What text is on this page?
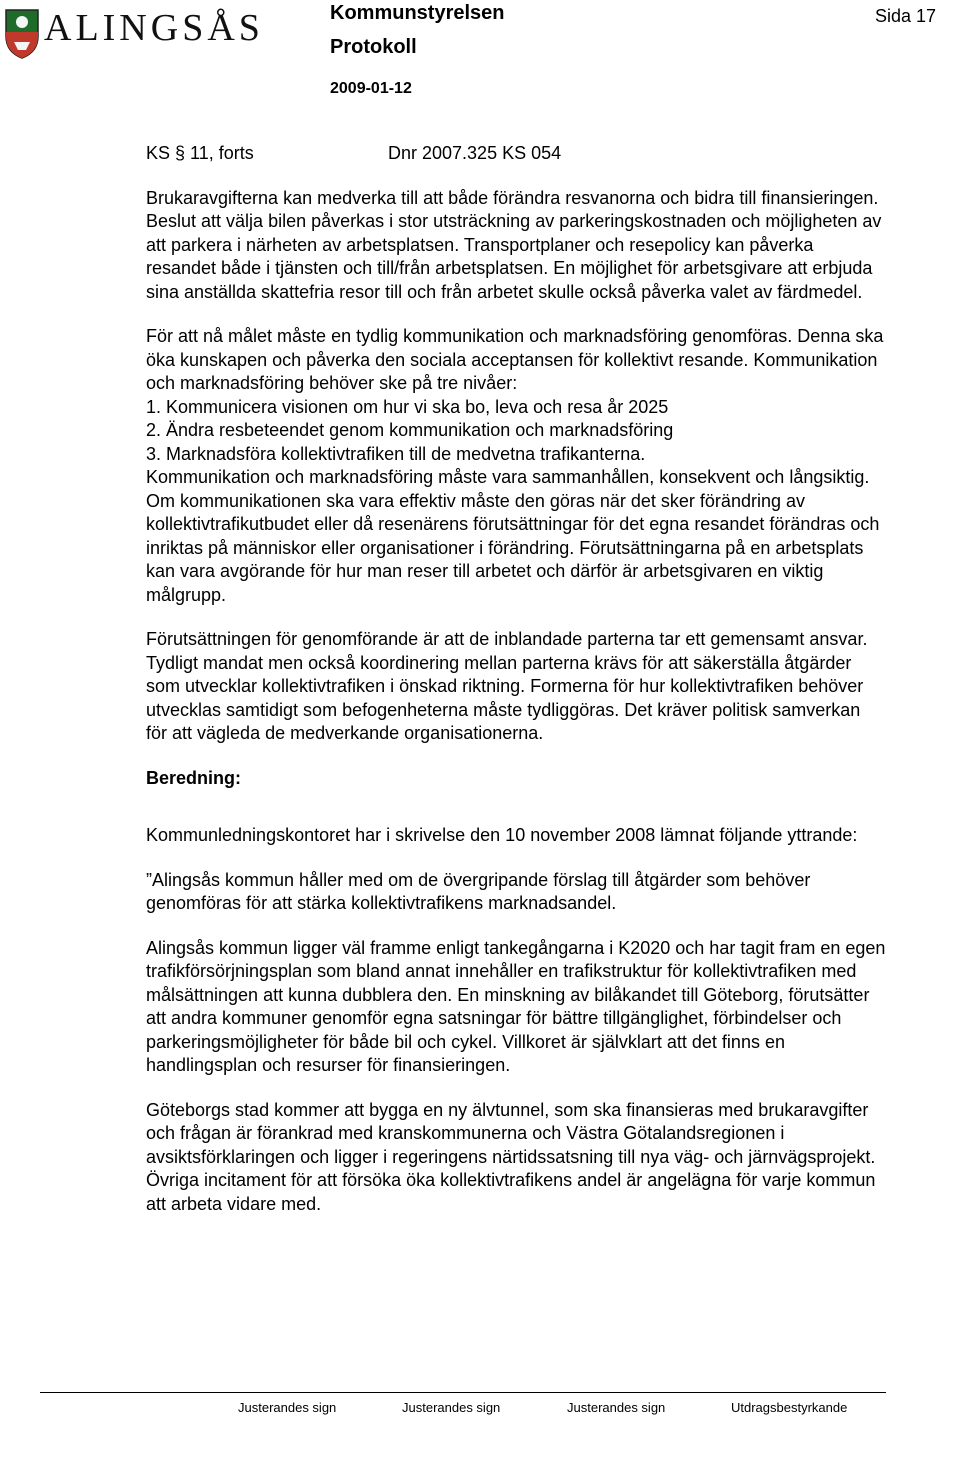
ALINGSÅS	Kommunstyrelsen
Protokoll
2009-01-12
Sida 17
KS § 11, forts	Dnr 2007.325 KS 054

Brukaravgifterna kan medverka till att både förändra resvanorna och bidra till finansieringen. Beslut att välja bilen påverkas i stor utsträckning av parkeringskostnaden och möjligheten av att parkera i närheten av arbetsplatsen. Transportplaner och resepolicy kan påverka resandet både i tjänsten och till/från arbetsplatsen. En möjlighet för arbetsgivare att erbjuda sina anställda skattefria resor till och från arbetet skulle också påverka valet av färdmedel.

För att nå målet måste en tydlig kommunikation och marknadsföring genomföras. Denna ska öka kunskapen och påverka den sociala acceptansen för kollektivt resande. Kommunikation och marknadsföring behöver ske på tre nivåer:
1. Kommunicera visionen om hur vi ska bo, leva och resa år 2025
2. Ändra resbeteendet genom kommunikation och marknadsföring
3. Marknadsföra kollektivtrafiken till de medvetna trafikanterna.
Kommunikation och marknadsföring måste vara sammanhållen, konsekvent och långsiktig. Om kommunikationen ska vara effektiv måste den göras när det sker förändring av kollektivtrafikutbudet eller då resenärens förutsättningar för det egna resandet förändras och inriktas på människor eller organisationer i förändring. Förutsättningarna på en arbetsplats kan vara avgörande för hur man reser till arbetet och därför är arbetsgivaren en viktig målgrupp.

Förutsättningen för genomförande är att de inblandade parterna tar ett gemensamt ansvar. Tydligt mandat men också koordinering mellan parterna krävs för att säkerställa åtgärder som utvecklar kollektivtrafiken i önskad riktning. Formerna för hur kollektivtrafiken behöver utvecklas samtidigt som befogenheterna måste tydliggöras. Det kräver politisk samverkan för att vägleda de medverkande organisationerna.

Beredning:

Kommunledningskontoret har i skrivelse den 10 november 2008 lämnat följande yttrande:

”Alingsås kommun håller med om de övergripande förslag till åtgärder som behöver genomföras för att stärka kollektivtrafikens marknadsandel.

Alingsås kommun ligger väl framme enligt tankegångarna i K2020 och har tagit fram en egen trafikförsörjningsplan som bland annat innehåller en trafikstruktur för kollektivtrafiken med målsättningen att kunna dubblera den. En minskning av bilåkandet till Göteborg, förutsätter att andra kommuner genomför egna satsningar för bättre tillgänglighet, förbindelser och parkeringsmöjligheter för både bil och cykel. Villkoret är självklart att det finns en handlingsplan och resurser för finansieringen.

Göteborgs stad kommer att bygga en ny älvtunnel, som ska finansieras med brukaravgifter och frågan är förankrad med kranskommunerna och Västra Götalandsregionen i avsiktsförklaringen och ligger i regeringens närtidssatsning till nya väg- och järnvägsprojekt. Övriga incitament för att försöka öka kollektivtrafikens andel är angelägna för varje kommun att arbeta vidare med.

Justerandes sign	Justerandes sign	Justerandes sign	Utdragsbestyrkande
